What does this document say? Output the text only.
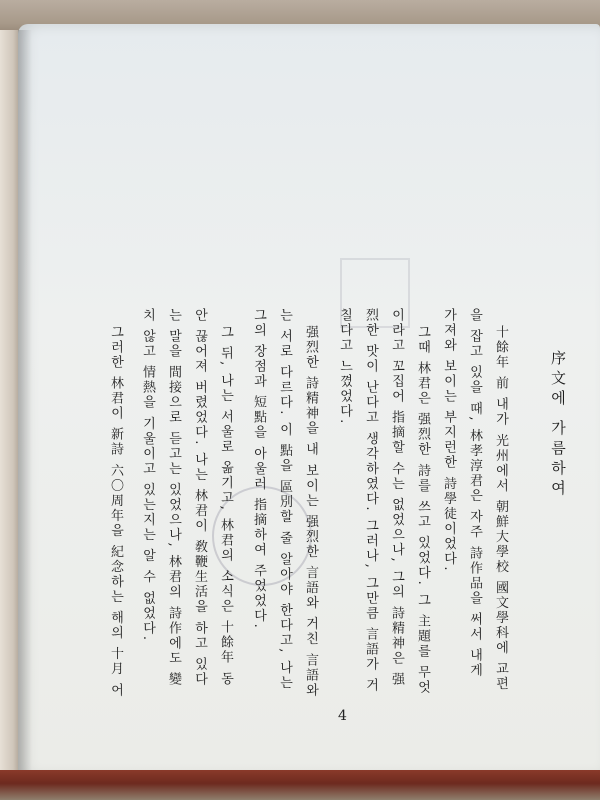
序文에 가름하여
十餘年 前 내가 光州에서 朝鮮大學校 國文學科에 교편
을 잡고 있을 때, 林孝淳君은 자주 詩作品을 써서 내게
가져와 보이는 부지런한 詩學徒이었다.
그때 林君은 强烈한 詩를 쓰고 있었다. 그 主題를 무엇
이라고 꼬집어 指摘할 수는 없었으나, 그의 詩精神은 强
烈한 맛이 난다고 생각하였다. 그러나, 그만큼 言語가 거
칠다고 느꼈었다.
强烈한 詩精神을 내 보이는 强烈한 言語와 거친 言語와
는 서로 다르다. 이 點을 區別할 줄 알아야 한다고, 나는
그의 장점과 短點을 아울러 指摘하여 주었었다.
그 뒤, 나는 서울로 옮기고, 林君의 소식은 十餘年 동
안 끊어져 버렸었다. 나는 林君이 敎鞭生活을 하고 있다
는 말을 間接으로 듣고는 있었으나, 林君의 詩作에도 變
치 않고 情熱을 기울이고 있는지는 알 수 없었다.
그러한 林君이 新詩 六〇周年을 紀念하는 해의 十月 어
4
